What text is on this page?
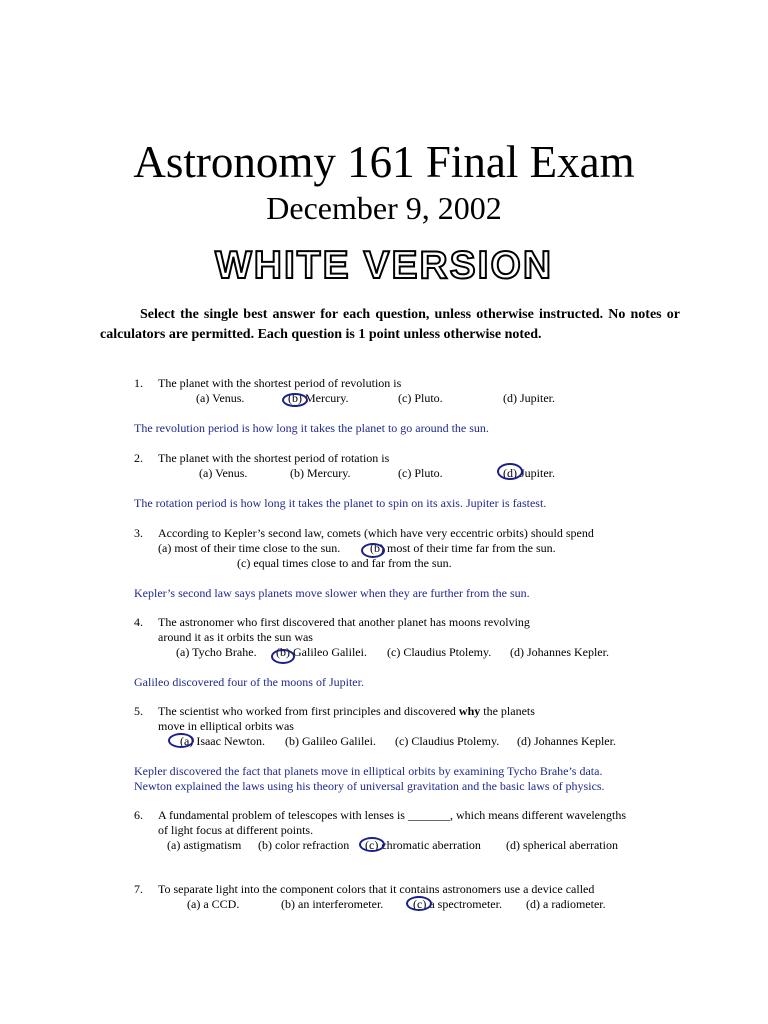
Astronomy 161 Final Exam
December 9, 2002
WHITE VERSION

Select the single best answer for each question, unless otherwise instructed. No notes or calculators are permitted. Each question is 1 point unless otherwise noted.

1. The planet with the shortest period of revolution is
(a) Venus.	(b) Mercury.	(c) Pluto.	(d) Jupiter.
The revolution period is how long it takes the planet to go around the sun.
2. The planet with the shortest period of rotation is
(a) Venus.	(b) Mercury.	(c) Pluto.	(d) Jupiter.
The rotation period is how long it takes the planet to spin on its axis. Jupiter is fastest.
3. According to Kepler’s second law, comets (which have very eccentric orbits) should spend
(a) most of their time close to the sun. (b) most of their time far from the sun.
(c) equal times close to and far from the sun.
Kepler’s second law says planets move slower when they are further from the sun.
4. The astronomer who first discovered that another planet has moons revolving
around it as it orbits the sun was
(a) Tycho Brahe. (b) Galileo Galilei. (c) Claudius Ptolemy. (d) Johannes Kepler.
Galileo discovered four of the moons of Jupiter.
5. The scientist who worked from first principles and discovered why the planets
move in elliptical orbits was
(a) Isaac Newton. (b) Galileo Galilei. (c) Claudius Ptolemy. (d) Johannes Kepler.
Kepler discovered the fact that planets move in elliptical orbits by examining Tycho Brahe’s data.
Newton explained the laws using his theory of universal gravitation and the basic laws of physics.
6. A fundamental problem of telescopes with lenses is _______, which means different wavelengths
of light focus at different points.
(a) astigmatism (b) color refraction (c) chromatic aberration (d) spherical aberration
7. To separate light into the component colors that it contains astronomers use a device called
(a) a CCD.	(b) an interferometer. (c) a spectrometer. (d) a radiometer.
